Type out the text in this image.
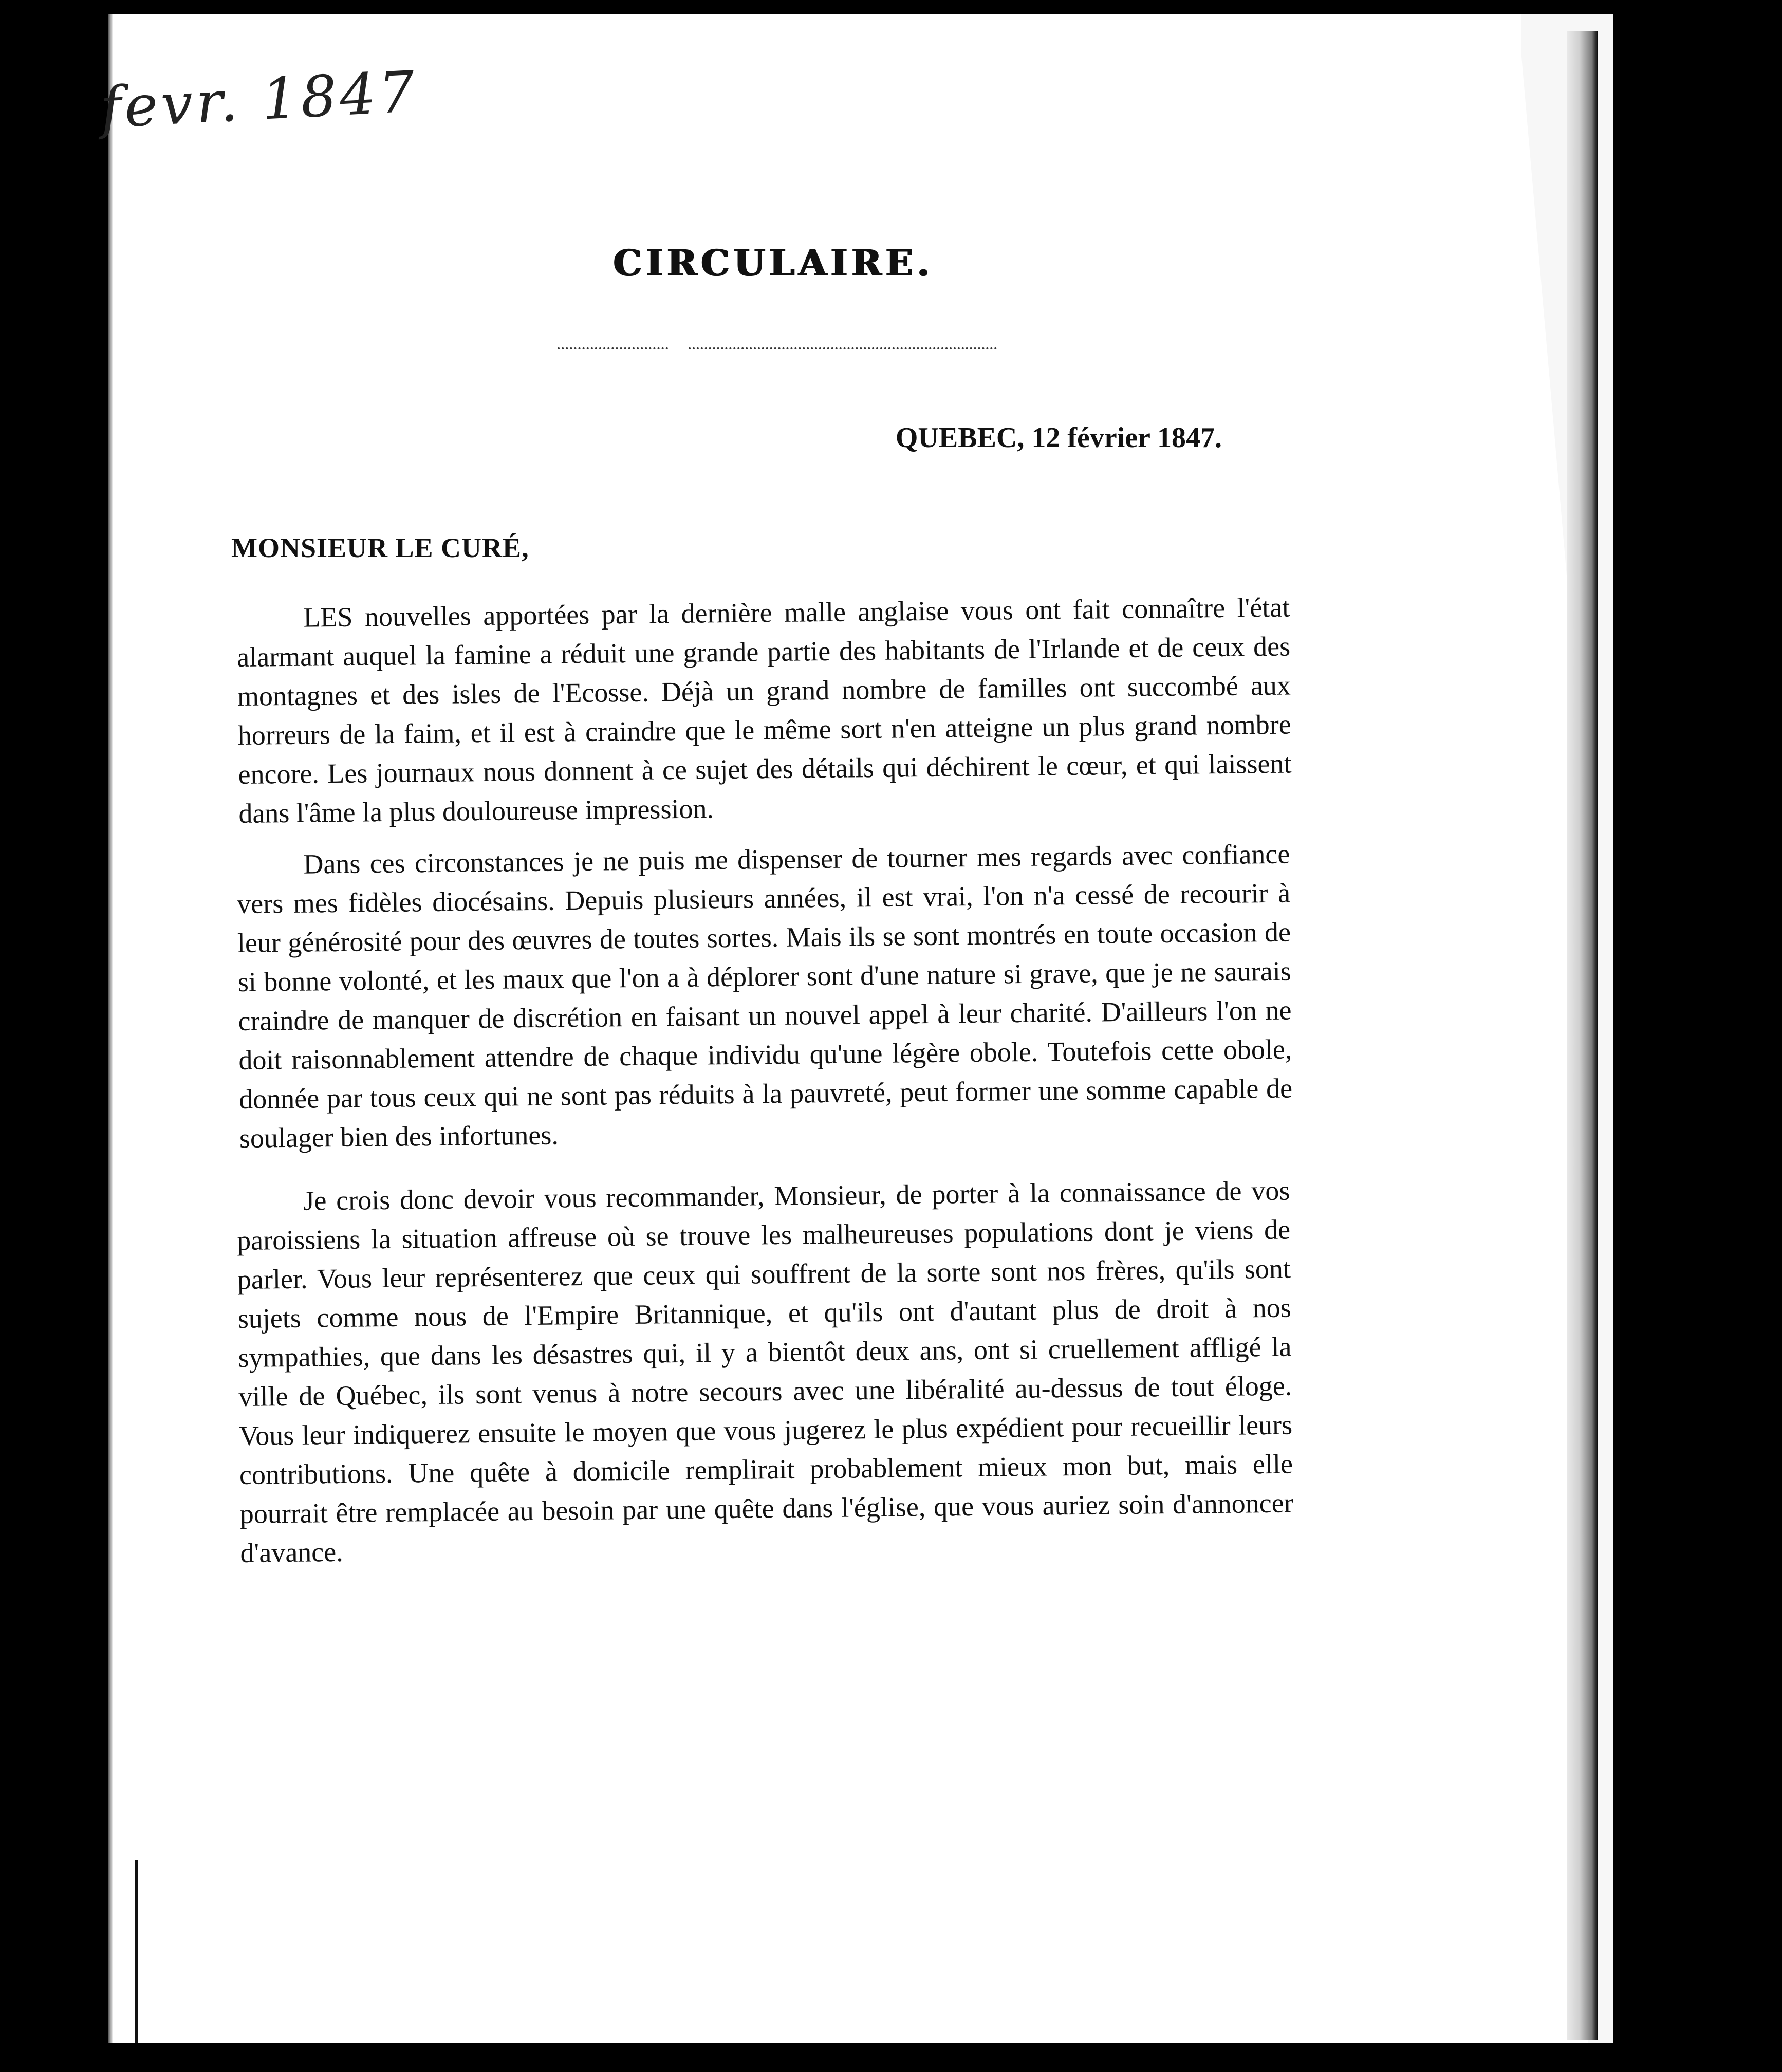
fevr. 1847
CIRCULAIRE.
QUEBEC, 12 février 1847.
MONSIEUR LE CURÉ,
LES nouvelles apportées par la dernière malle anglaise vous ont fait connaître l'état alarmant auquel la famine a réduit une grande partie des habitants de l'Irlande et de ceux des montagnes et des isles de l'Ecosse. Déjà un grand nombre de familles ont succombé aux horreurs de la faim, et il est à craindre que le même sort n'en atteigne un plus grand nombre encore. Les journaux nous donnent à ce sujet des détails qui déchirent le cœur, et qui laissent dans l'âme la plus douloureuse impression.
Dans ces circonstances je ne puis me dispenser de tourner mes regards avec confiance vers mes fidèles diocésains. Depuis plusieurs années, il est vrai, l'on n'a cessé de recourir à leur générosité pour des œuvres de toutes sortes. Mais ils se sont montrés en toute occasion de si bonne volonté, et les maux que l'on a à déplorer sont d'une nature si grave, que je ne saurais craindre de manquer de discrétion en faisant un nouvel appel à leur charité. D'ailleurs l'on ne doit raisonnablement attendre de chaque individu qu'une légère obole. Toutefois cette obole, donnée par tous ceux qui ne sont pas réduits à la pauvreté, peut former une somme capable de soulager bien des infortunes.
Je crois donc devoir vous recommander, Monsieur, de porter à la connaissance de vos paroissiens la situation affreuse où se trouve les malheureuses populations dont je viens de parler. Vous leur représenterez que ceux qui souffrent de la sorte sont nos frères, qu'ils sont sujets comme nous de l'Empire Britannique, et qu'ils ont d'autant plus de droit à nos sympathies, que dans les désastres qui, il y a bientôt deux ans, ont si cruellement affligé la ville de Québec, ils sont venus à notre secours avec une libéralité au-dessus de tout éloge. Vous leur indiquerez ensuite le moyen que vous jugerez le plus expédient pour recueillir leurs contributions. Une quête à domicile remplirait probablement mieux mon but, mais elle pourrait être remplacée au besoin par une quête dans l'église, que vous auriez soin d'annoncer d'avance.
